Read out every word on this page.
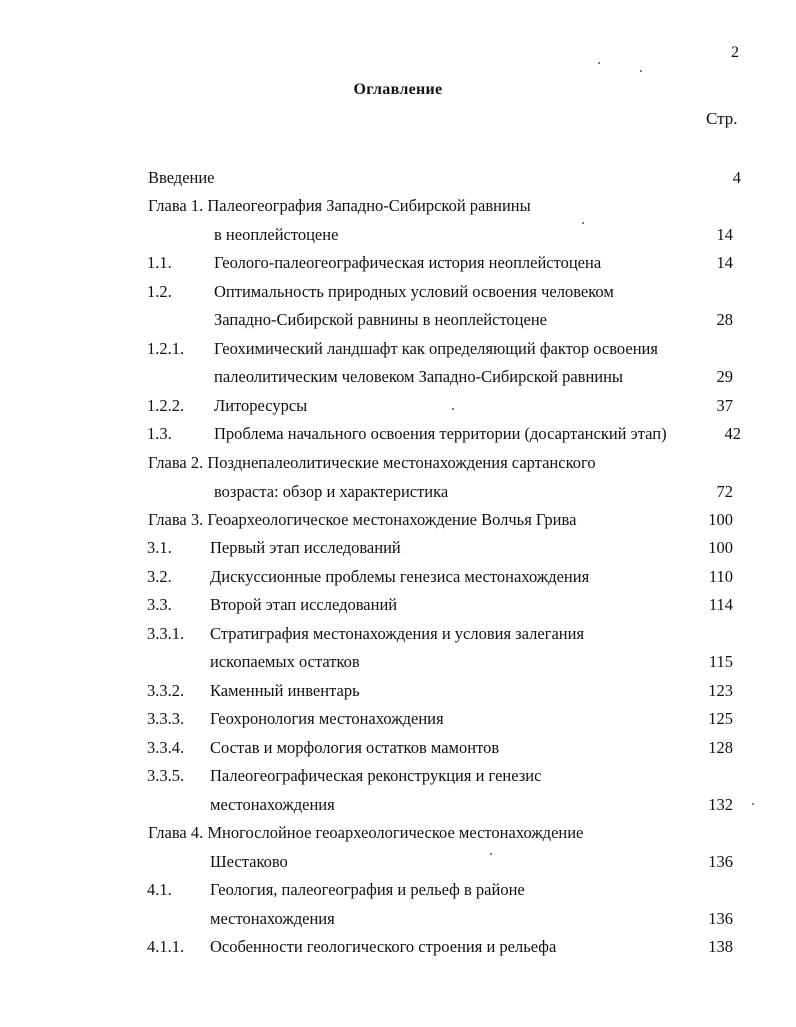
2
Оглавление
Стр.
Введение	4
Глава 1. Палеогеография Западно-Сибирской равнины
в неоплейстоцене	14
1.1.	Геолого-палеогеографическая история неоплейстоцена	14
1.2.	Оптимальность природных условий освоения человеком
Западно-Сибирской равнины в неоплейстоцене	28
1.2.1. Геохимический ландшафт как определяющий фактор освоения
палеолитическим человеком Западно-Сибирской равнины	29
1.2.2. Литоресурсы	37
1.3.	Проблема начального освоения территории (досартанский этап)	42
Глава 2. Позднепалеолитические местонахождения сартанского
возраста: обзор и характеристика	72
Глава 3. Геоархеологическое местонахождение Волчья Грива	100
3.1. Первый этап исследований	100
3.2. Дискуссионные проблемы генезиса местонахождения	110
3.3. Второй этап исследований	114
3.3.1. Стратиграфия местонахождения и условия залегания
ископаемых остатков	115
3.3.2. Каменный инвентарь	123
3.3.3. Геохронология местонахождения	125
3.3.4. Состав и морфология остатков мамонтов	128
3.3.5. Палеогеографическая реконструкция и генезис
местонахождения	132
Глава 4. Многослойное геоархеологическое местонахождение
Шестаково	136
4.1. Геология, палеогеография и рельеф в районе
местонахождения	136
4.1.1. Особенности геологического строения и рельефа	138
